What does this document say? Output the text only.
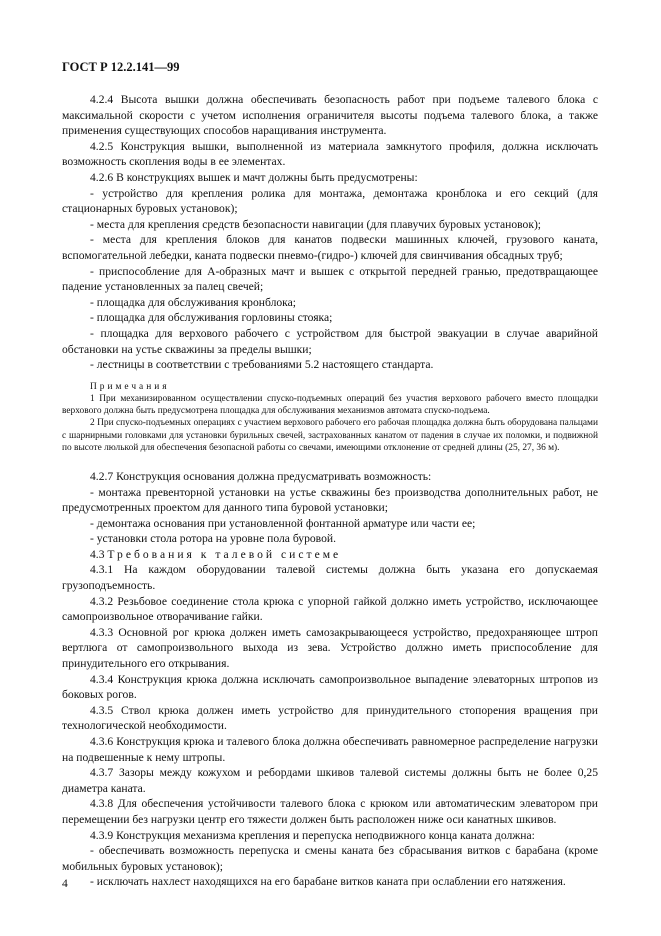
ГОСТ Р 12.2.141—99

4.2.4 Высота вышки должна обеспечивать безопасность работ при подъеме талевого блока с максимальной скорости с учетом исполнения ограничителя высоты подъема талевого блока, а также применения существующих способов наращивания инструмента.

4.2.5 Конструкция вышки, выполненной из материала замкнутого профиля, должна исключать возможность скопления воды в ее элементах.

4.2.6 В конструкциях вышек и мачт должны быть предусмотрены:

- устройство для крепления ролика для монтажа, демонтажа кронблока и его секций (для стационарных буровых установок);

- места для крепления средств безопасности навигации (для плавучих буровых установок);

- места для крепления блоков для канатов подвески машинных ключей, грузового каната, вспомогательной лебедки, каната подвески пневмо-(гидро-) ключей для свинчивания обсадных труб;

- приспособление для А-образных мачт и вышек с открытой передней гранью, предотвращающее падение установленных за палец свечей;

- площадка для обслуживания кронблока;

- площадка для обслуживания горловины стояка;

- площадка для верхового рабочего с устройством для быстрой эвакуации в случае аварийной обстановки на устье скважины за пределы вышки;

- лестницы в соответствии с требованиями 5.2 настоящего стандарта.

Примечания

1 При механизированном осуществлении спуско-подъемных операций без участия верхового рабочего вместо площадки верхового должна быть предусмотрена площадка для обслуживания механизмов автомата спуско-подъема.

2 При спуско-подъемных операциях с участием верхового рабочего его рабочая площадка должна быть оборудована пальцами с шарнирными головками для установки бурильных свечей, застрахованных канатом от падения в случае их поломки, и подвижной по высоте люлькой для обеспечения безопасной работы со свечами, имеющими отклонение от средней длины (25, 27, 36 м).

4.2.7 Конструкция основания должна предусматривать возможность:

- монтажа превенторной установки на устье скважины без производства дополнительных работ, не предусмотренных проектом для данного типа буровой установки;

- демонтажа основания при установленной фонтанной арматуре или части ее;

- установки стола ротора на уровне пола буровой.

4.3 Требования к талевой системе

4.3.1 На каждом оборудовании талевой системы должна быть указана его допускаемая грузоподъемность.

4.3.2 Резьбовое соединение стола крюка с упорной гайкой должно иметь устройство, исключающее самопроизвольное отворачивание гайки.

4.3.3 Основной рог крюка должен иметь самозакрывающееся устройство, предохраняющее штроп вертлюга от самопроизвольного выхода из зева. Устройство должно иметь приспособление для принудительного его открывания.

4.3.4 Конструкция крюка должна исключать самопроизвольное выпадение элеваторных штропов из боковых рогов.

4.3.5 Ствол крюка должен иметь устройство для принудительного стопорения вращения при технологической необходимости.

4.3.6 Конструкция крюка и талевого блока должна обеспечивать равномерное распределение нагрузки на подвешенные к нему штропы.

4.3.7 Зазоры между кожухом и ребордами шкивов талевой системы должны быть не более 0,25 диаметра каната.

4.3.8 Для обеспечения устойчивости талевого блока с крюком или автоматическим элеватором при перемещении без нагрузки центр его тяжести должен быть расположен ниже оси канатных шкивов.

4.3.9 Конструкция механизма крепления и перепуска неподвижного конца каната должна:

- обеспечивать возможность перепуска и смены каната без сбрасывания витков с барабана (кроме мобильных буровых установок);

- исключать нахлест находящихся на его барабане витков каната при ослаблении его натяжения.

4
